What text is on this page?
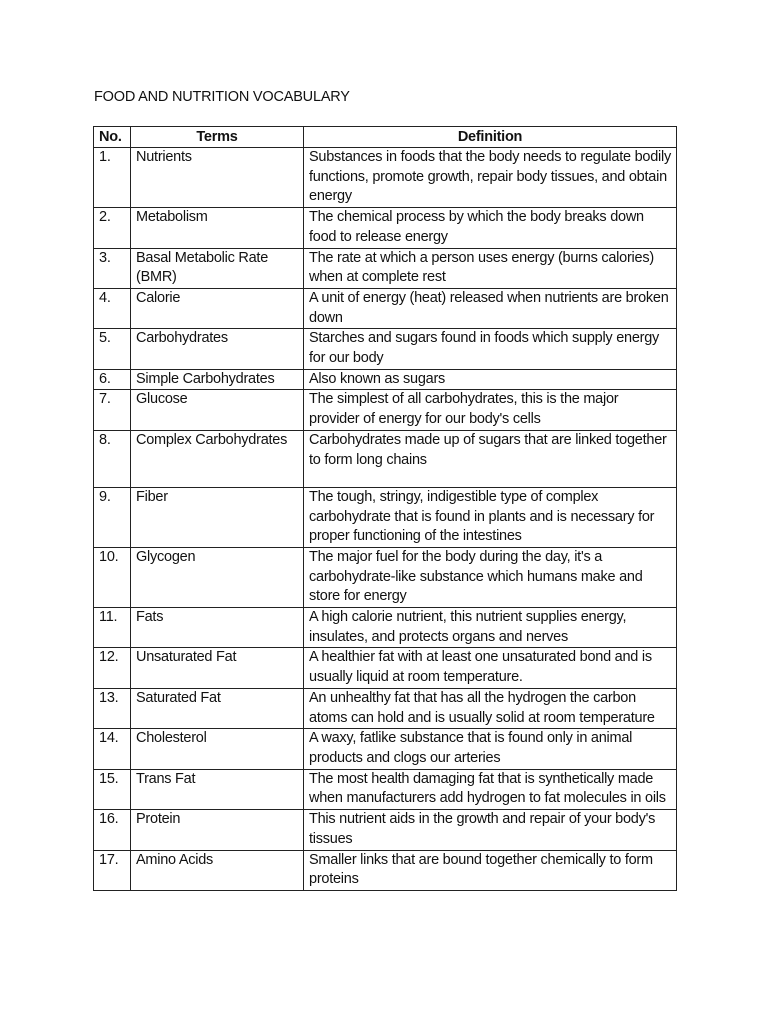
FOOD AND NUTRITION VOCABULARY
No.	Terms	Definition
1.	Nutrients	Substances in foods that the body needs to regulate bodily functions, promote growth, repair body tissues, and obtain energy
2.	Metabolism	The chemical process by which the body breaks down food to release energy
3.	Basal Metabolic Rate (BMR)	The rate at which a person uses energy (burns calories) when at complete rest
4.	Calorie	A unit of energy (heat) released when nutrients are broken down
5.	Carbohydrates	Starches and sugars found in foods which supply energy for our body
6.	Simple Carbohydrates	Also known as sugars
7.	Glucose	The simplest of all carbohydrates, this is the major provider of energy for our body's cells
8.	Complex Carbohydrates	Carbohydrates made up of sugars that are linked together to form long chains
9.	Fiber	The tough, stringy, indigestible type of complex carbohydrate that is found in plants and is necessary for proper functioning of the intestines
10.	Glycogen	The major fuel for the body during the day, it's a carbohydrate-like substance which humans make and store for energy
11.	Fats	A high calorie nutrient, this nutrient supplies energy, insulates, and protects organs and nerves
12.	Unsaturated Fat	A healthier fat with at least one unsaturated bond and is usually liquid at room temperature.
13.	Saturated Fat	An unhealthy fat that has all the hydrogen the carbon atoms can hold and is usually solid at room temperature
14.	Cholesterol	A waxy, fatlike substance that is found only in animal products and clogs our arteries
15.	Trans Fat	The most health damaging fat that is synthetically made when manufacturers add hydrogen to fat molecules in oils
16.	Protein	This nutrient aids in the growth and repair of your body's tissues
17.	Amino Acids	Smaller links that are bound together chemically to form proteins
